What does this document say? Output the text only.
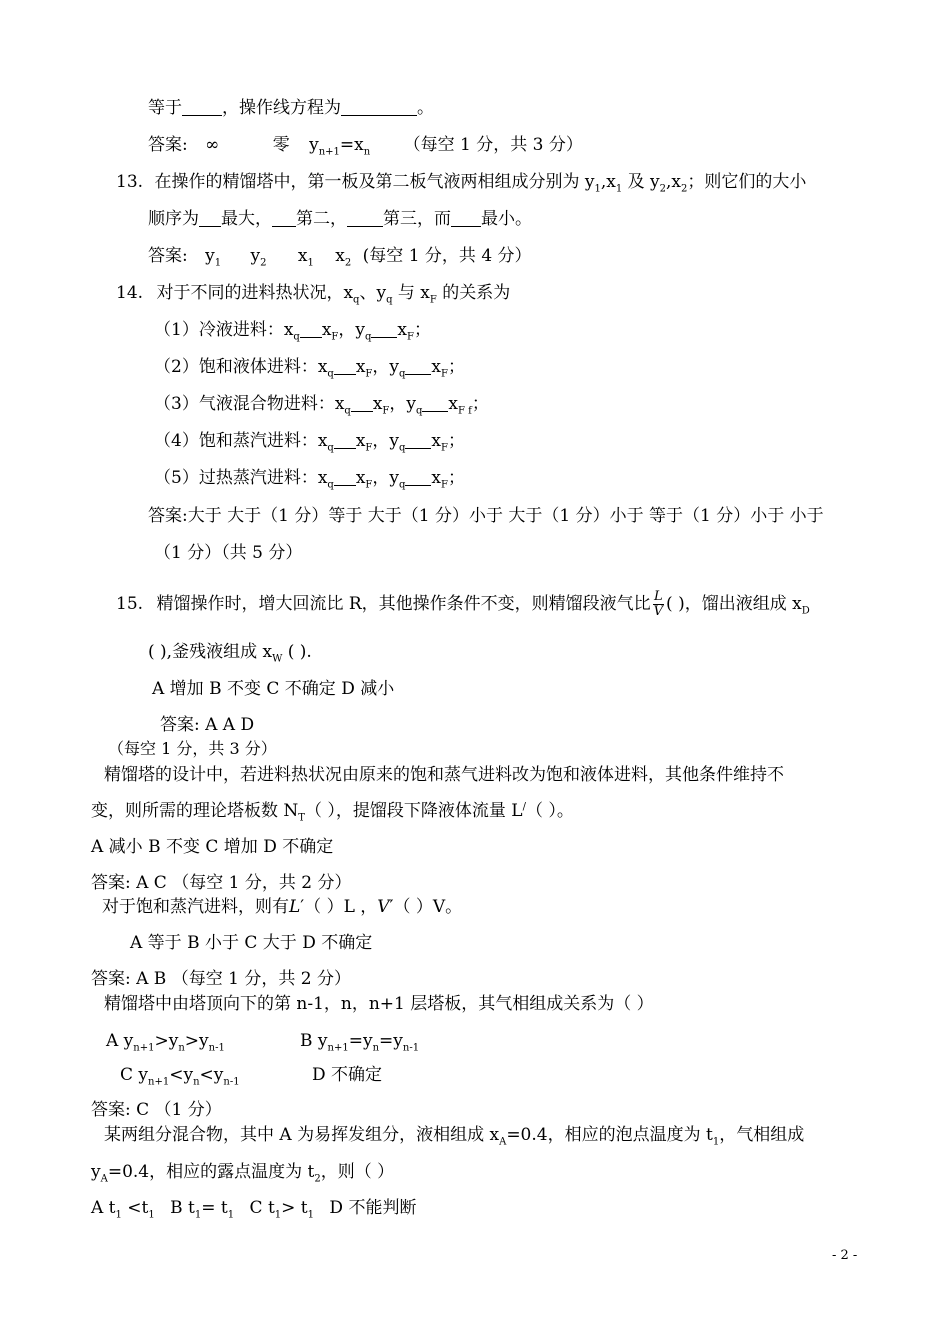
等于 ，操作线方程为	。
答案: ∞	零 $y_{n+1}=x_n$ （每空 1 分，共 3 分）
13. 在操作的精馏塔中，第一板及第二板气液两相组成分别为 $y_1,x_1$ 及 $y_2,x_2$；则它们的大小
顺序为 最大， 第二， 第三，而 最小。
答案: $y_1$ $y_2$ $x_1$ $x_2$ (每空 1 分，共 4 分）
14. 对于不同的进料热状况，$x_q$、$y_q$ 与 $x_F$ 的关系为
（1）冷液进料：$x_q$ $x_F$，$y_q$ $x_F$；
（2）饱和液体进料：$x_q$ $x_F$，$y_q$ $x_F$；
（3）气液混合物进料：$x_q$ $x_F$，$y_q$ $x_{F f}$；
（4）饱和蒸汽进料：$x_q$ $x_F$，$y_q$ $x_F$；
（5）过热蒸汽进料：$x_q$ $x_F$，$y_q$ $x_F$；
答案:大于 大于（1 分）等于 大于（1 分）小于 大于（1 分）小于 等于（1 分）小于 小于
（1 分）（共 5 分）
15. 精馏操作时，增大回流比 R，其他操作条件不变，则精馏段液气比 $\frac{L}{V}$ ( )，馏出液组成 $x_D$
( ),釜残液组成 $x_W$ ( ).
A 增加 B 不变 C 不确定 D 减小
答案: A A D
（每空 1 分，共 3 分）
精馏塔的设计中，若进料热状况由原来的饱和蒸气进料改为饱和液体进料，其他条件维持不
变，则所需的理论塔板数 $N_T$（ ），提馏段下降液体流量 L/（ ）。
A 减小 B 不变 C 增加 D 不确定
答案: A C （每空 1 分，共 2 分）
对于饱和蒸汽进料，则有L′（ ）L ，V′（ ）V。
A 等于 B 小于 C 大于 D 不确定
答案: A B （每空 1 分，共 2 分）
精馏塔中由塔顶向下的第 n-1，n，n+1 层塔板，其气相组成关系为（ ）
A $y_{n+1}>y_n>y_{n-1}$	B $y_{n+1}=y_n=y_{n-1}$
C $y_{n+1}<y_n<y_{n-1}$	D 不确定
答案: C （1 分）
某两组分混合物，其中 A 为易挥发组分，液相组成 $x_A=0.4$，相应的泡点温度为 $t_1$，气相组成
$y_A=0.4$，相应的露点温度为 $t_2$，则（ ）
A $t_1 <t_1$ B $t_1= t_1$ C $t_1> t_1$ D 不能判断
- 2 -
